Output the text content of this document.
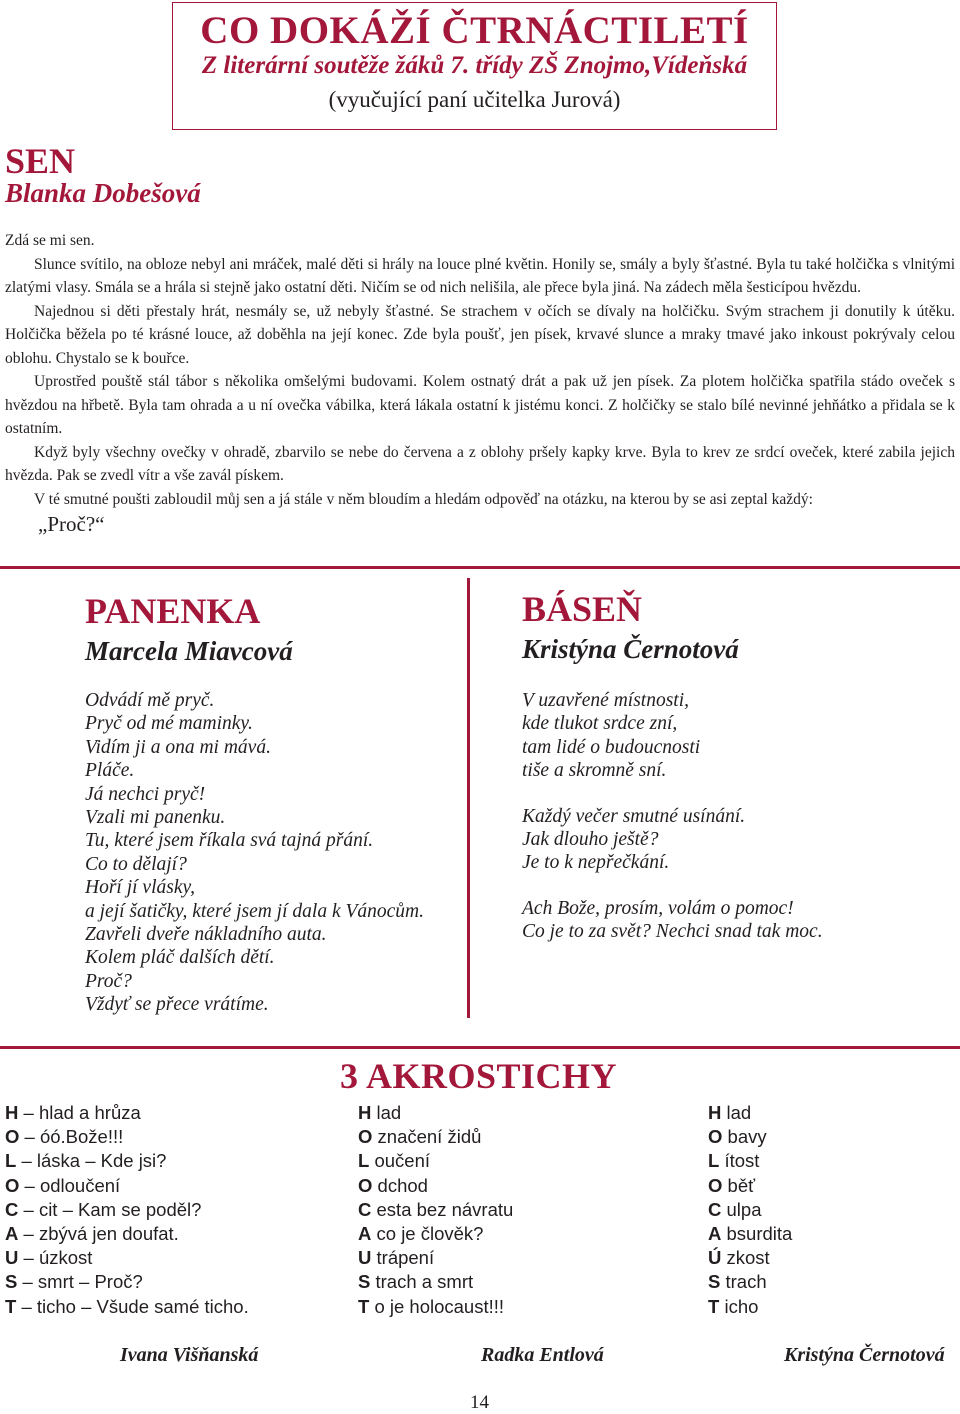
CO DOKÁŽÍ ČTRNÁCTILETÍ
Z literární soutěže žáků 7. třídy ZŠ Znojmo,Vídeňská
(vyučující paní učitelka Jurová)
SEN
Blanka Dobešová

Zdá se mi sen.

Slunce svítilo, na obloze nebyl ani mráček, malé děti si hrály na louce plné květin. Honily se, smály a byly šťastné. Byla tu také holčička s vlnitými zlatými vlasy. Smála se a hrála si stejně jako ostatní děti. Ničím se od nich nelišila, ale přece byla jiná. Na zádech měla šesticípou hvězdu.

Najednou si děti přestaly hrát, nesmály se, už nebyly šťastné. Se strachem v očích se dívaly na holčičku. Svým strachem ji donutily k útěku. Holčička běžela po té krásné louce, až doběhla na její konec. Zde byla poušť, jen písek, krvavé slunce a mraky tmavé jako inkoust pokrývaly celou oblohu. Chystalo se k bouřce.

Uprostřed pouště stál tábor s několika omšelými budovami. Kolem ostnatý drát a pak už jen písek. Za plotem holčička spatřila stádo oveček s hvězdou na hřbetě. Byla tam ohrada a u ní ovečka vábilka, která lákala ostatní k jistému konci. Z holčičky se stalo bílé nevinné jehňátko a přidala se k ostatním.

Když byly všechny ovečky v ohradě, zbarvilo se nebe do červena a z oblohy pršely kapky krve. Byla to krev ze srdcí oveček, které zabila jejich hvězda. Pak se zvedl vítr a vše zavál pískem.

V té smutné poušti zabloudil můj sen a já stále v něm bloudím a hledám odpověď na otázku, na kterou by se asi zeptal každý:

„Proč?“

PANENKA
Marcela Miavcová
Odvádí mě pryč.
Pryč od mé maminky.
Vidím ji a ona mi mává.
Pláče.
Já nechci pryč!
Vzali mi panenku.
Tu, které jsem říkala svá tajná přání.
Co to dělají?
Hoří jí vlásky,
a její šatičky, které jsem jí dala k Vánocům.
Zavřeli dveře nákladního auta.
Kolem pláč dalších dětí.
Proč?
Vždyť se přece vrátíme.
BÁSEŇ
Kristýna Černotová
V uzavřené místnosti,
kde tlukot srdce zní,
tam lidé o budoucnosti
tiše a skromně sní.
Každý večer smutné usínání.
Jak dlouho ještě?
Je to k nepřečkání.
Ach Bože, prosím, volám o pomoc!
Co je to za svět? Nechci snad tak moc.
3 AKROSTICHY
H – hlad a hrůza
O – óó.Bože!!!
L – láska – Kde jsi?
O – odloučení
C – cit – Kam se poděl?
A – zbývá jen doufat.
U – úzkost
S – smrt – Proč?
T – ticho – Všude samé ticho.
H lad
O značení židů
L oučení
O dchod
C esta bez návratu
A co je člověk?
U trápení
S trach a smrt
T o je holocaust!!!
H lad
O bavy
L ítost
O běť
C ulpa
A bsurdita
Ú zkost
S trach
T icho
Ivana Višňanská	Radka Entlová	Kristýna Černotová
14
